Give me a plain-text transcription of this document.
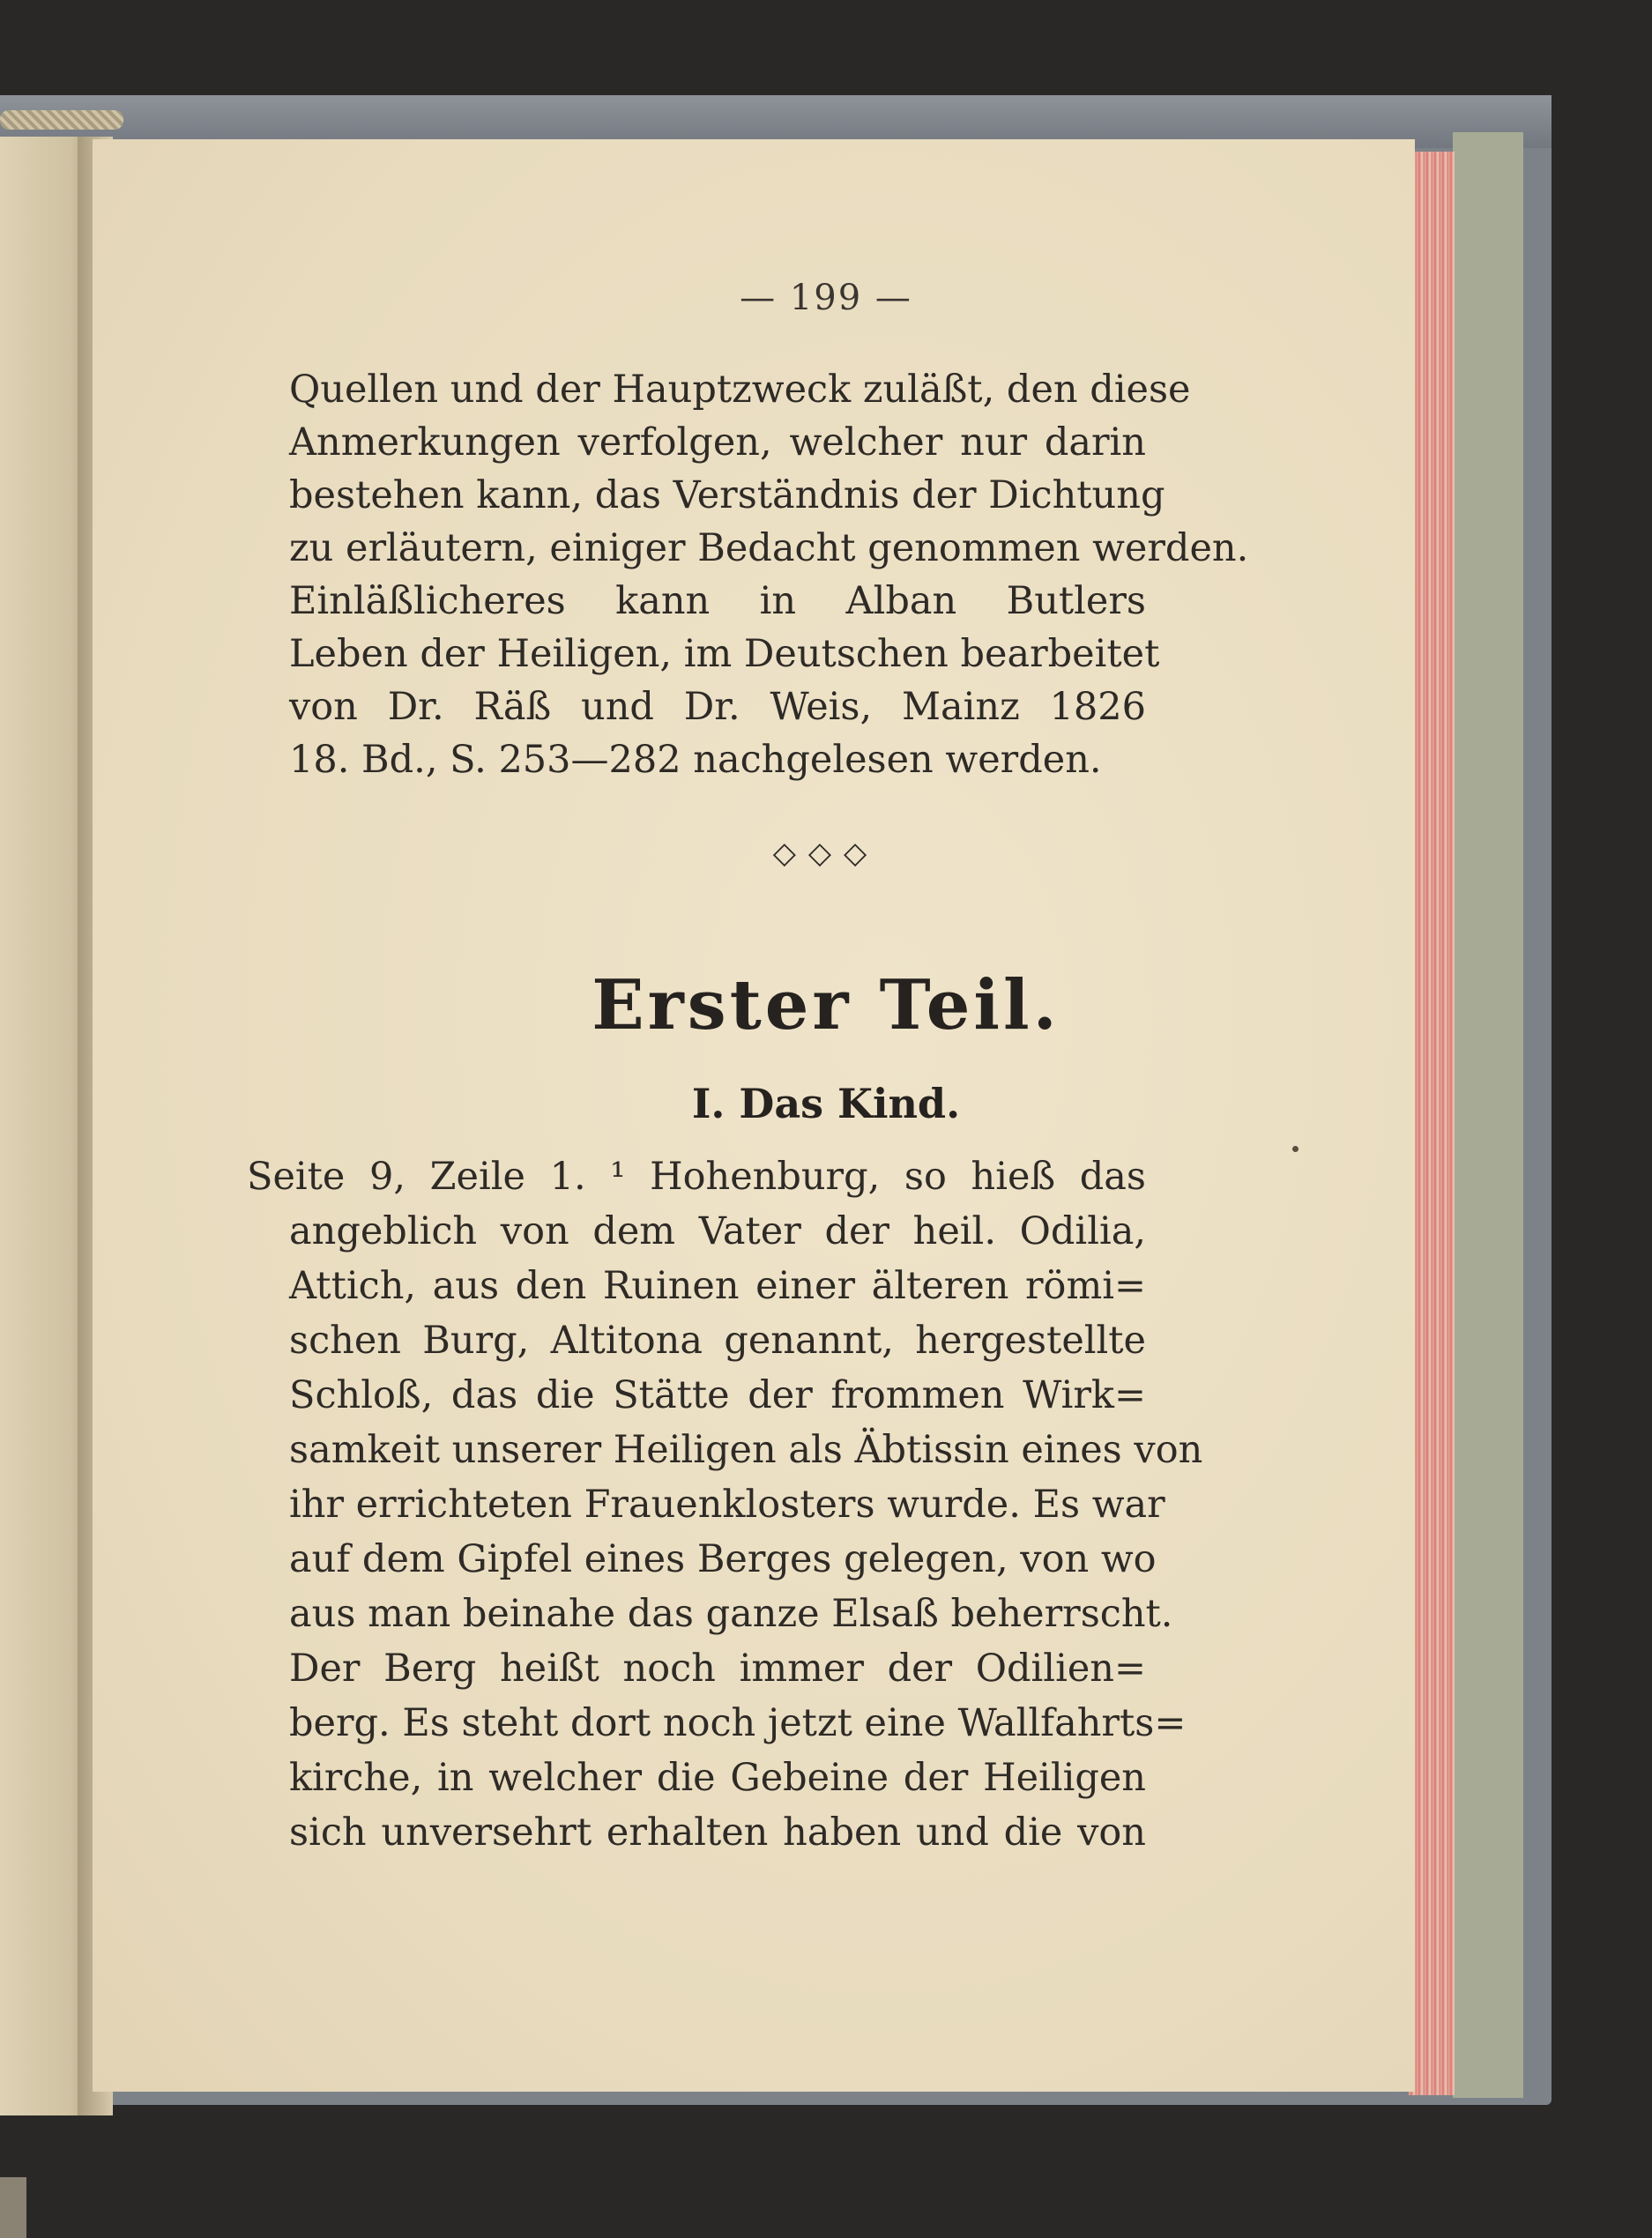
— 199 —
Quellen und der Hauptzweck zuläßt, den diese
Anmerkungen verfolgen, welcher nur darin
bestehen kann, das Verständnis der Dichtung
zu erläutern, einiger Bedacht genommen werden.
Einläßlicheres kann in Alban Butlers
Leben der Heiligen, im Deutschen bearbeitet
von Dr. Räß und Dr. Weis, Mainz 1826
18. Bd., S. 253—282 nachgelesen werden.
◇◇◇
Erster Teil.
I. Das Kind.
Seite 9, Zeile 1. ¹ Hohenburg, so hieß das
angeblich von dem Vater der heil. Odilia,
Attich, aus den Ruinen einer älteren römi=
schen Burg, Altitona genannt, hergestellte
Schloß, das die Stätte der frommen Wirk=
samkeit unserer Heiligen als Äbtissin eines von
ihr errichteten Frauenklosters wurde. Es war
auf dem Gipfel eines Berges gelegen, von wo
aus man beinahe das ganze Elsaß beherrscht.
Der Berg heißt noch immer der Odilien=
berg. Es steht dort noch jetzt eine Wallfahrts=
kirche, in welcher die Gebeine der Heiligen
sich unversehrt erhalten haben und die von
